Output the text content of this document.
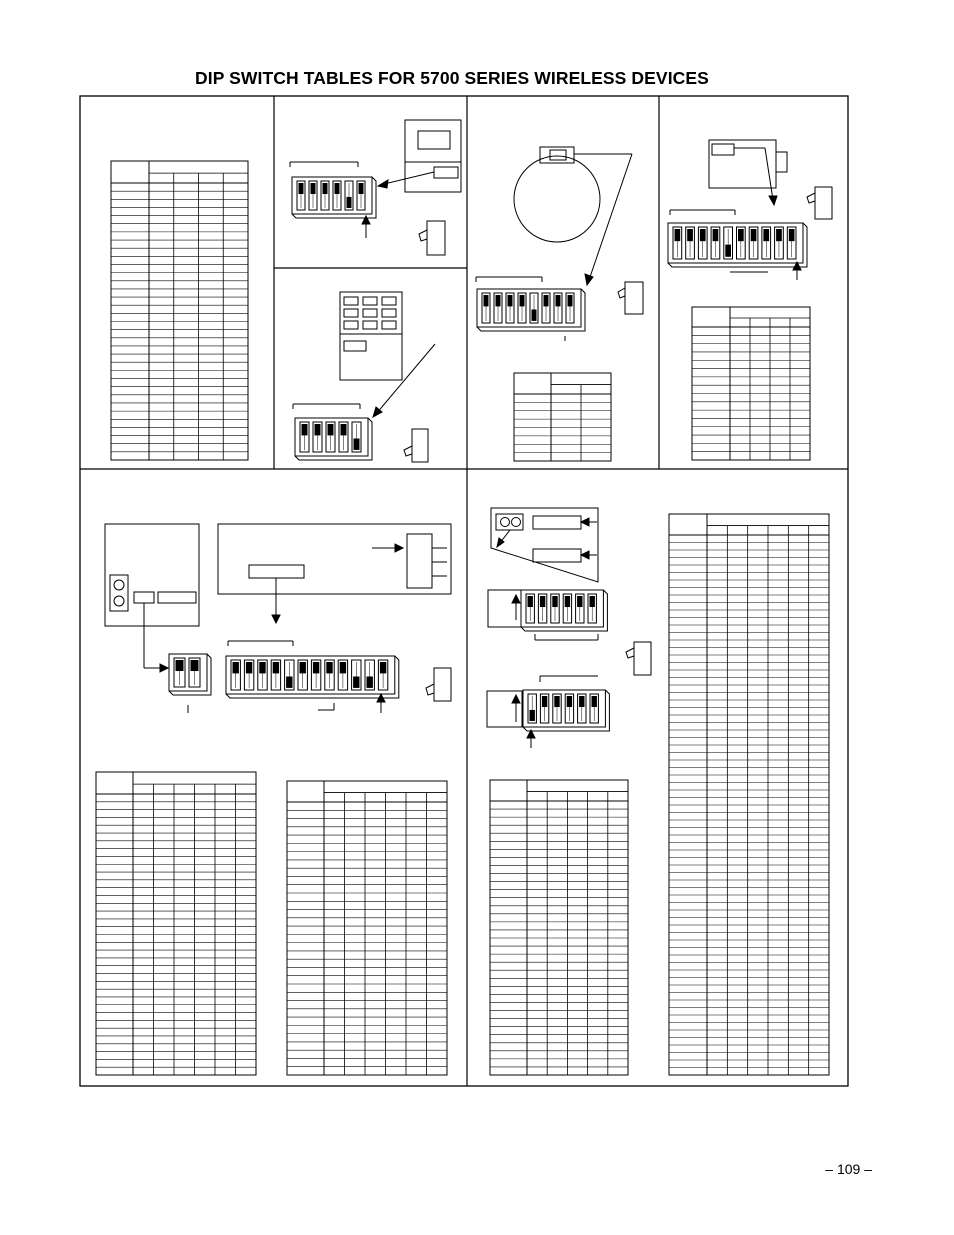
DIP SWITCH TABLES FOR 5700 SERIES WIRELESS DEVICES
– 109 –
